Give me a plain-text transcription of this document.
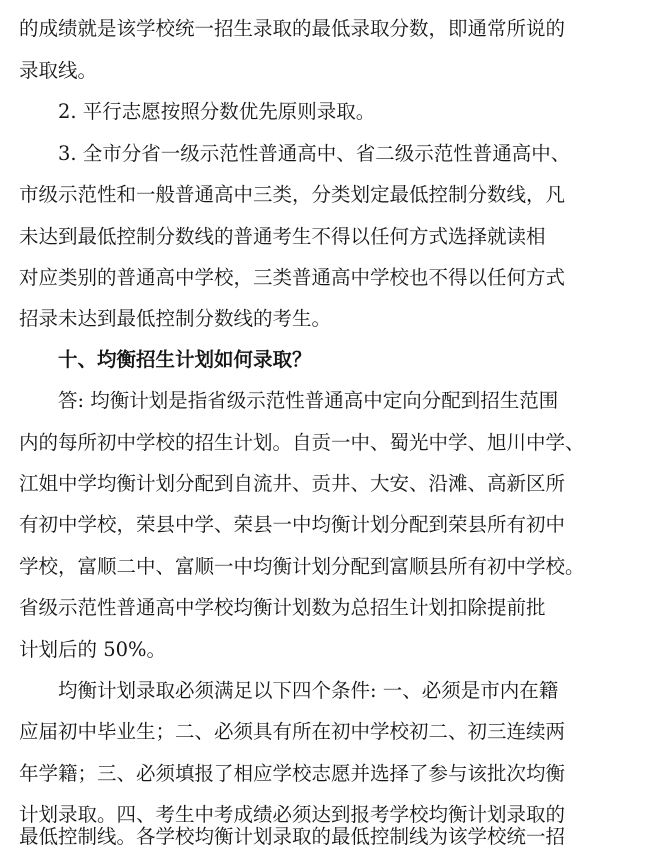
的成绩就是该学校统一招生录取的最低录取分数，即通常所说的
录取线。
2. 平行志愿按照分数优先原则录取。
3. 全市分省一级示范性普通高中、省二级示范性普通高中、
市级示范性和一般普通高中三类，分类划定最低控制分数线，凡
未达到最低控制分数线的普通考生不得以任何方式选择就读相
对应类别的普通高中学校，三类普通高中学校也不得以任何方式
招录未达到最低控制分数线的考生。
十、均衡招生计划如何录取？
答: 均衡计划是指省级示范性普通高中定向分配到招生范围
内的每所初中学校的招生计划。自贡一中、蜀光中学、旭川中学、
江姐中学均衡计划分配到自流井、贡井、大安、沿滩、高新区所
有初中学校，荣县中学、荣县一中均衡计划分配到荣县所有初中
学校，富顺二中、富顺一中均衡计划分配到富顺县所有初中学校。
省级示范性普通高中学校均衡计划数为总招生计划扣除提前批
计划后的 50%。
均衡计划录取必须满足以下四个条件: 一、必须是市内在籍
应届初中毕业生；二、必须具有所在初中学校初二、初三连续两
年学籍；三、必须填报了相应学校志愿并选择了参与该批次均衡
计划录取。四、考生中考成绩必须达到报考学校均衡计划录取的
最低控制线。各学校均衡计划录取的最低控制线为该学校统一招
